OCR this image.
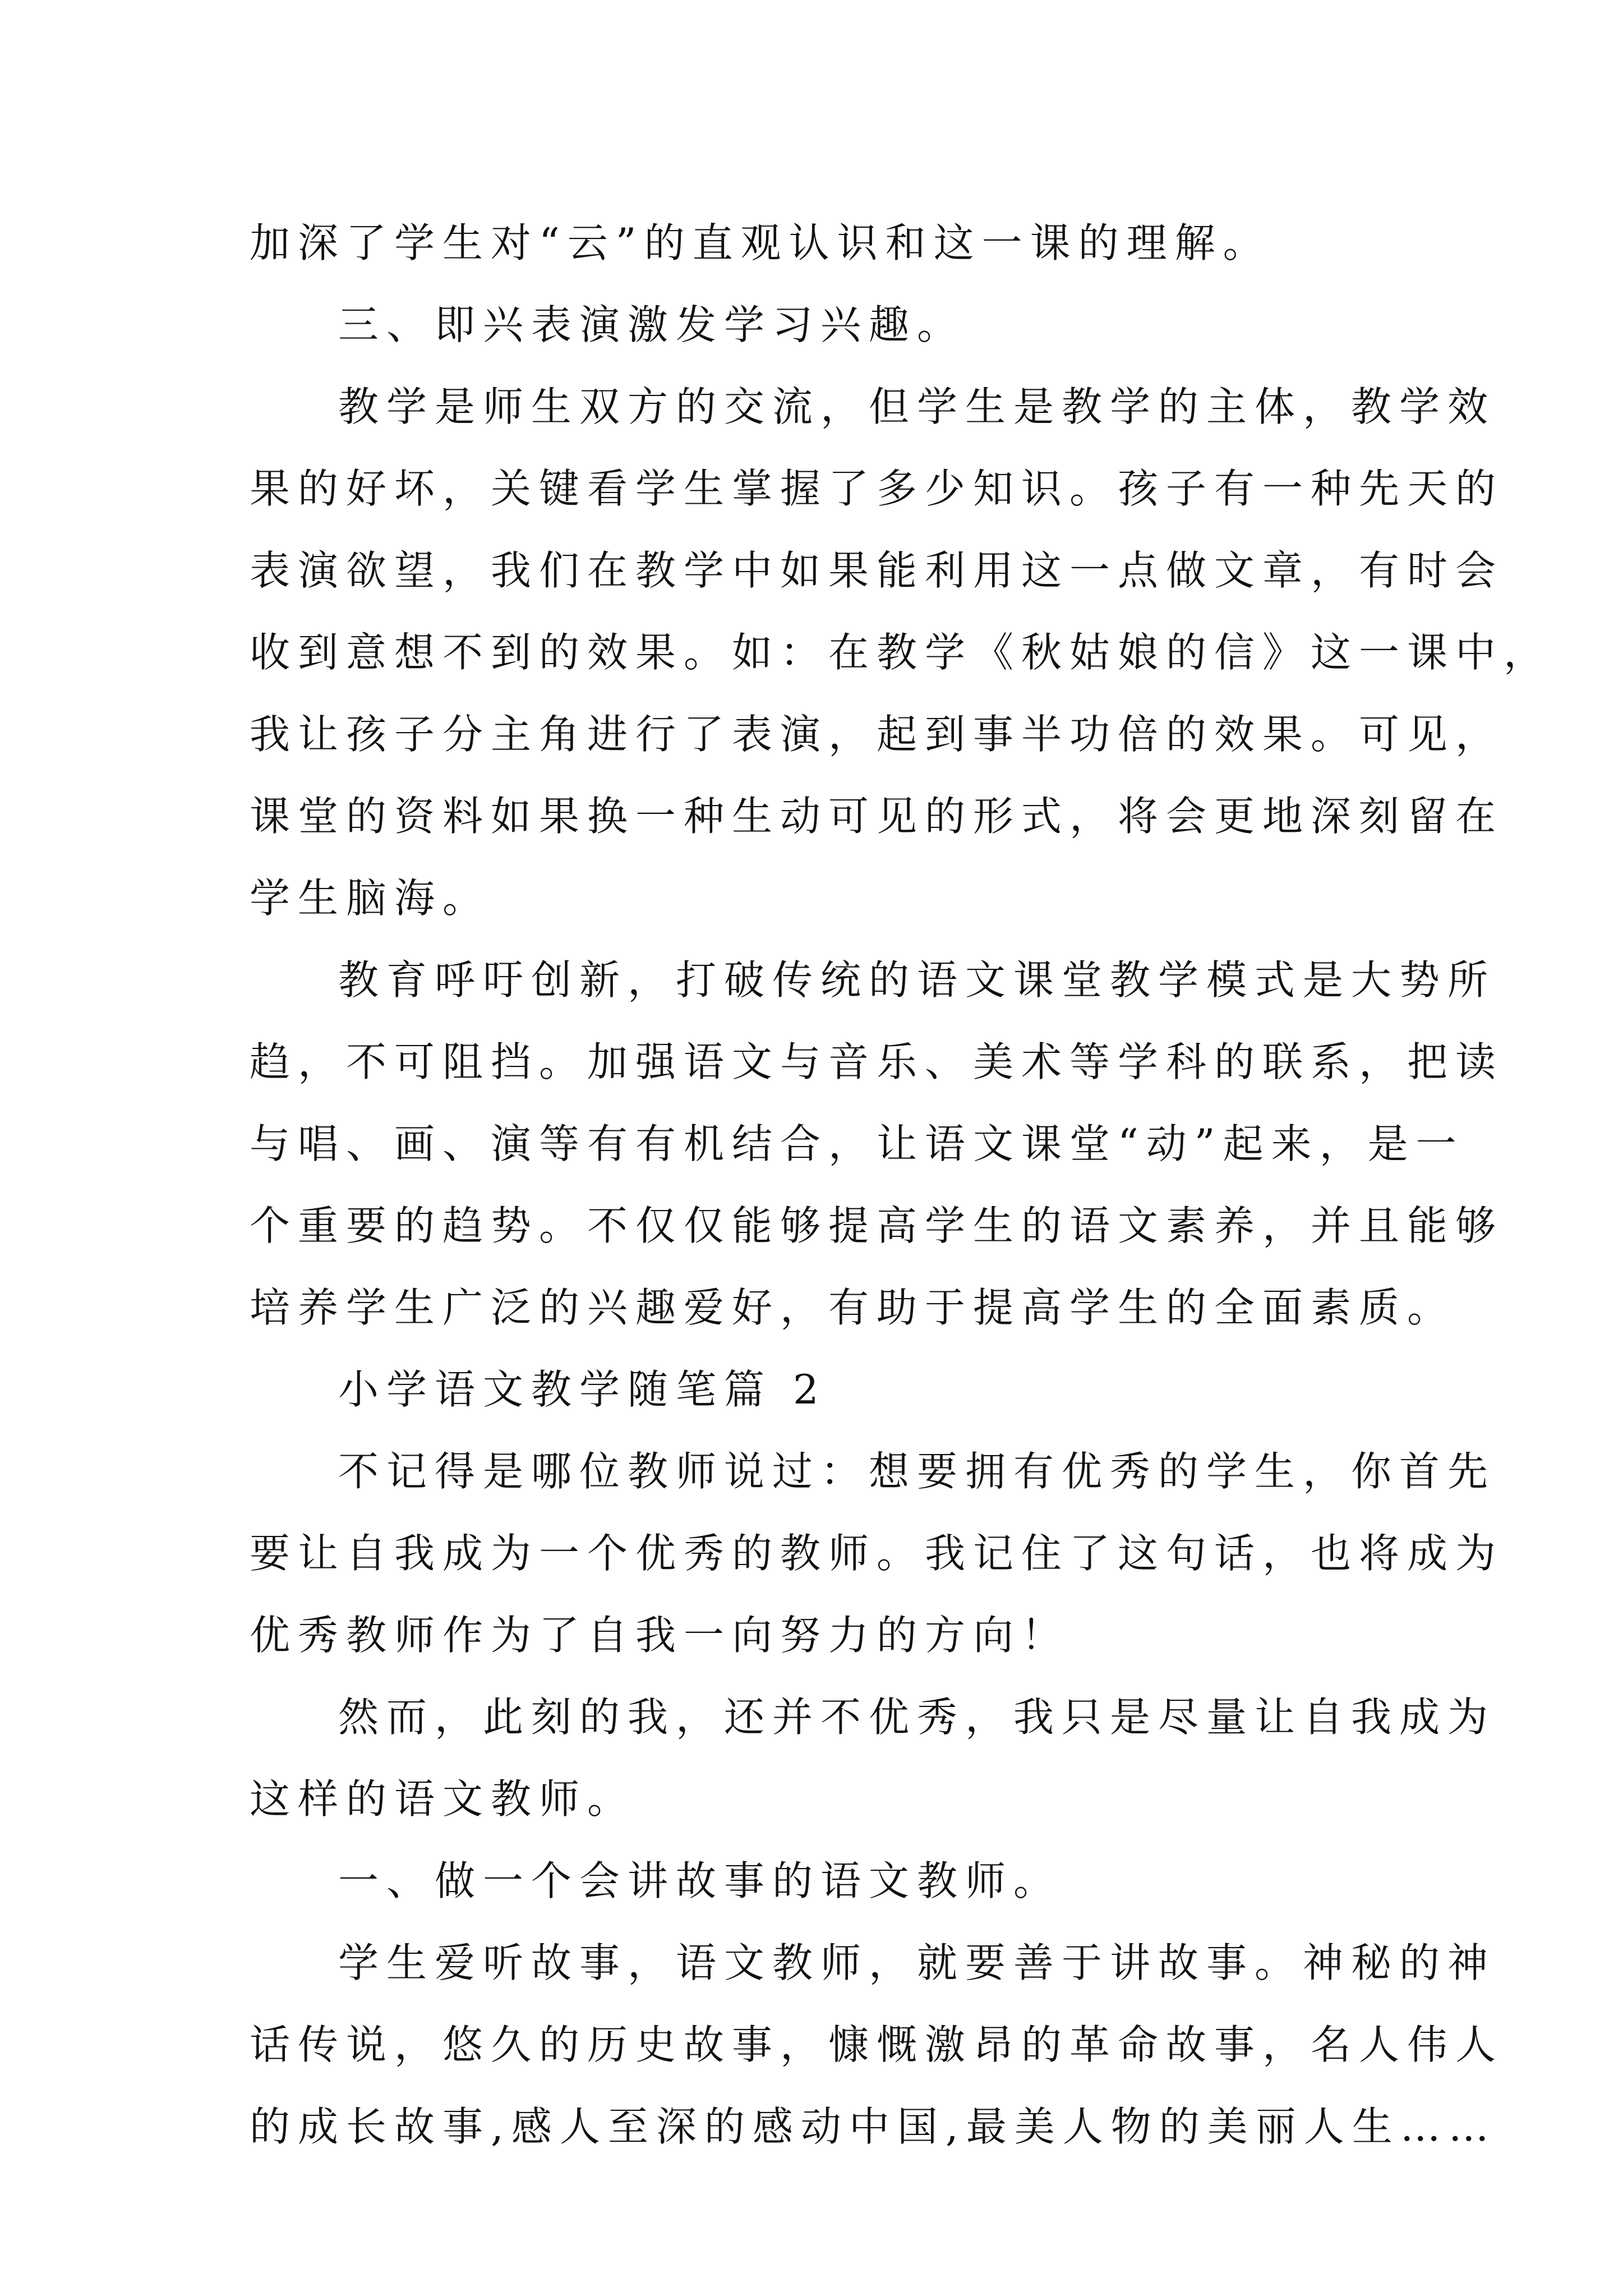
加深了学生对“云”的直观认识和这一课的理解。
三、即兴表演激发学习兴趣。
教学是师生双方的交流，但学生是教学的主体，教学效
果的好坏，关键看学生掌握了多少知识。孩子有一种先天的
表演欲望，我们在教学中如果能利用这一点做文章，有时会
收到意想不到的效果。如：在教学《秋姑娘的信》这一课中，
我让孩子分主角进行了表演，起到事半功倍的效果。可见，
课堂的资料如果换一种生动可见的形式，将会更地深刻留在
学生脑海。
教育呼吁创新，打破传统的语文课堂教学模式是大势所
趋，不可阻挡。加强语文与音乐、美术等学科的联系，把读
与唱、画、演等有有机结合，让语文课堂“动”起来，是一
个重要的趋势。不仅仅能够提高学生的语文素养，并且能够
培养学生广泛的兴趣爱好，有助于提高学生的全面素质。
小学语文教学随笔篇 2
不记得是哪位教师说过：想要拥有优秀的学生，你首先
要让自我成为一个优秀的教师。我记住了这句话，也将成为
优秀教师作为了自我一向努力的方向！
然而，此刻的我，还并不优秀，我只是尽量让自我成为
这样的语文教师。
一、做一个会讲故事的语文教师。
学生爱听故事，语文教师，就要善于讲故事。神秘的神
话传说，悠久的历史故事，慷慨激昂的革命故事，名人伟人
的成长故事,感人至深的感动中国,最美人物的美丽人生……
